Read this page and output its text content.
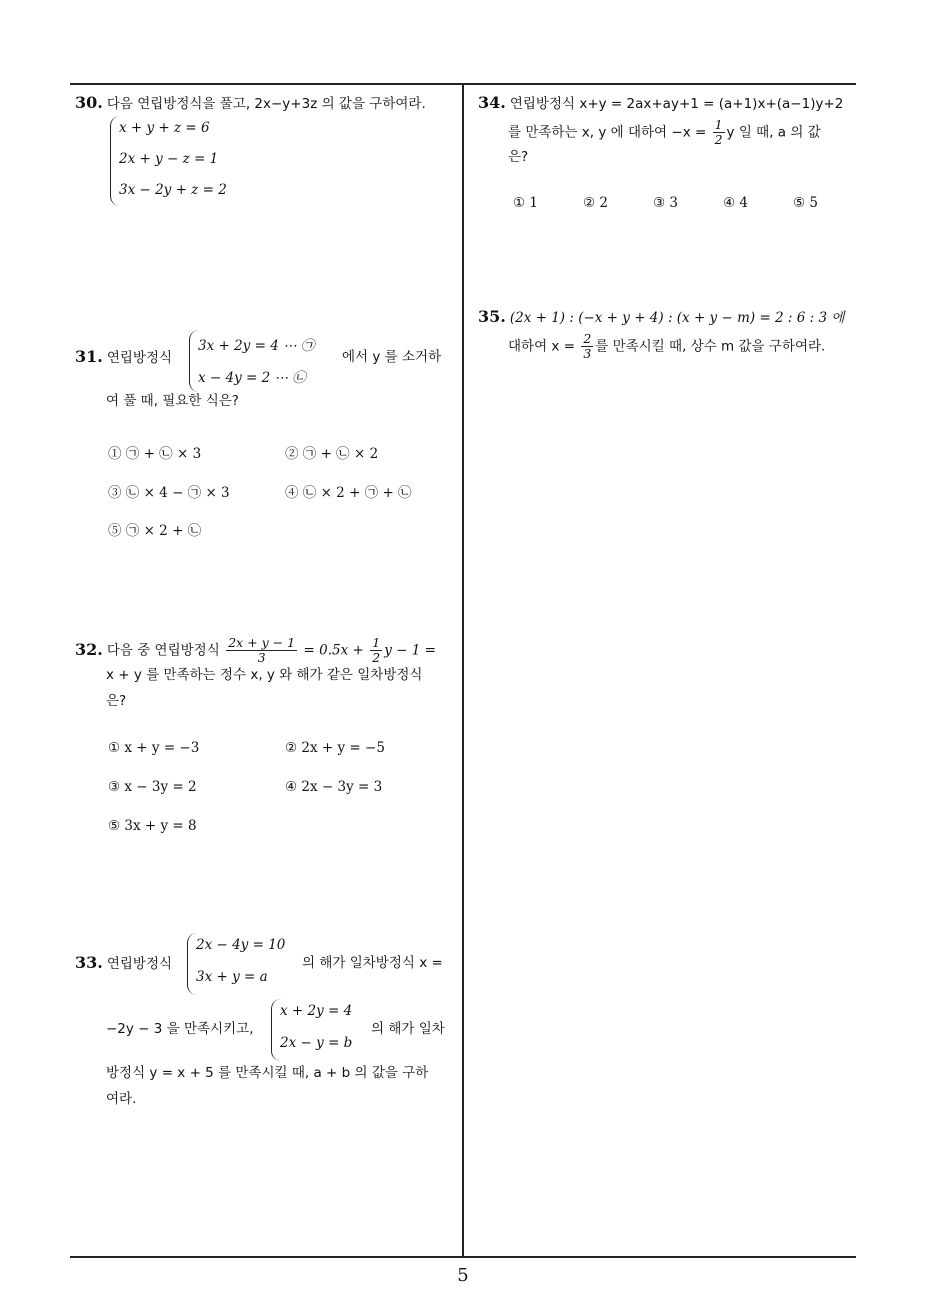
30. 다음 연립방정식을 풀고, 2x−y+3z 의 값을 구하여라.
x + y + z = 6
2x + y − z = 1
3x − 2y + z = 2
31. 연립방정식
3x + 2y = 4 ⋯ ㉠
x − 4y = 2 ⋯ ㉡
에서 y 를 소거하
여 풀 때, 필요한 식은?
① ㉠ + ㉡ × 3	② ㉠ + ㉡ × 2
③ ㉡ × 4 − ㉠ × 3	④ ㉡ × 2 + ㉠ + ㉡
⑤ ㉠ × 2 + ㉡
32. 다음 중 연립방정식 $\frac{2x + y - 1}{3} = 0.5x + \frac{1}{2}$ y − 1 =
x + y 를 만족하는 정수 x, y 와 해가 같은 일차방정식
은?
① x + y = −3	② 2x + y = −5
③ x − 3y = 2	④ 2x − 3y = 3
⑤ 3x + y = 8
33. 연립방정식
2x − 4y = 10
3x + y = a
의 해가 일차방정식 x =
−2y − 3 을 만족시키고,
x + 2y = 4
2x − y = b
의 해가 일차
방정식 y = x + 5 를 만족시킬 때, a + b 의 값을 구하
여라.
34. 연립방정식 x+y = 2ax+ay+1 = (a+1)x+(a−1)y+2
를 만족하는 x, y 에 대하여 $-x = \frac{1}{2}$ y 일 때, a 의 값
은?
① 1	② 2	③ 3	④ 4	⑤ 5
35. (2x + 1) : (−x + y + 4) : (x + y − m) = 2 : 6 : 3 에
대하여 $x = \frac{2}{3}$ 를 만족시킬 때, 상수 m 값을 구하여라.
5
